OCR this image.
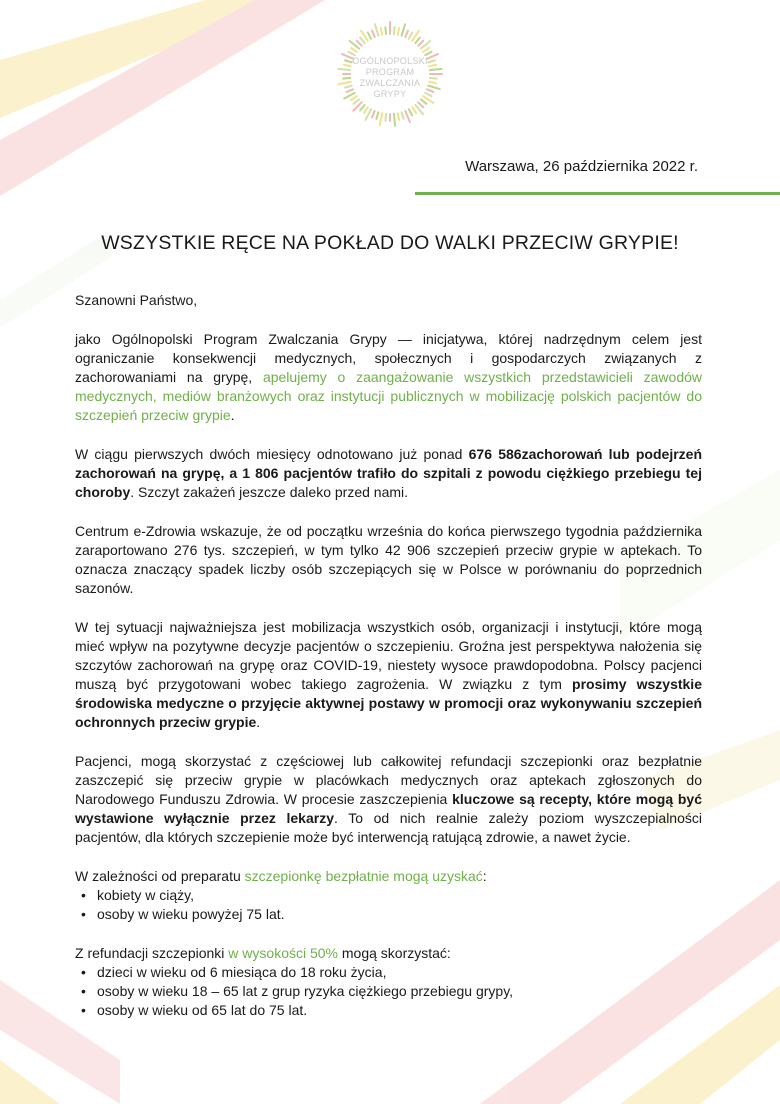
OGÓLNOPOLSKI
PROGRAM
ZWALCZANIA
GRYPY
Warszawa, 26 października 2022 r.
WSZYSTKIE RĘCE NA POKŁAD DO WALKI PRZECIW GRYPIE!

Szanowni Państwo,

jako Ogólnopolski Program Zwalczania Grypy — inicjatywa, której nadrzędnym celem jest ograniczanie konsekwencji medycznych, społecznych i gospodarczych związanych z zachorowaniami na grypę, apelujemy o zaangażowanie wszystkich przedstawicieli zawodów medycznych, mediów branżowych oraz instytucji publicznych w mobilizację polskich pacjentów do szczepień przeciw grypie.

W ciągu pierwszych dwóch miesięcy odnotowano już ponad 676 586zachorowań lub podejrzeń zachorowań na grypę, a 1 806 pacjentów trafiło do szpitali z powodu ciężkiego przebiegu tej choroby. Szczyt zakażeń jeszcze daleko przed nami.

Centrum e-Zdrowia wskazuje, że od początku września do końca pierwszego tygodnia października zaraportowano 276 tys. szczepień, w tym tylko 42 906 szczepień przeciw grypie w aptekach. To oznacza znaczący spadek liczby osób szczepiących się w Polsce w porównaniu do poprzednich sazonów.

W tej sytuacji najważniejsza jest mobilizacja wszystkich osób, organizacji i instytucji, które mogą mieć wpływ na pozytywne decyzje pacjentów o szczepieniu. Groźna jest perspektywa nałożenia się szczytów zachorowań na grypę oraz COVID-19, niestety wysoce prawdopodobna. Polscy pacjenci muszą być przygotowani wobec takiego zagrożenia. W związku z tym prosimy wszystkie środowiska medyczne o przyjęcie aktywnej postawy w promocji oraz wykonywaniu szczepień ochronnych przeciw grypie.

Pacjenci, mogą skorzystać z częściowej lub całkowitej refundacji szczepionki oraz bezpłatnie zaszczepić się przeciw grypie w placówkach medycznych oraz aptekach zgłoszonych do Narodowego Funduszu Zdrowia. W procesie zaszczepienia kluczowe są recepty, które mogą być wystawione wyłącznie przez lekarzy. To od nich realnie zależy poziom wyszczepialności pacjentów, dla których szczepienie może być interwencją ratującą zdrowie, a nawet życie.

W zależności od preparatu szczepionkę bezpłatnie mogą uzyskać:

• kobiety w ciąży,
• osoby w wieku powyżej 75 lat.

Z refundacji szczepionki w wysokości 50% mogą skorzystać:

• dzieci w wieku od 6 miesiąca do 18 roku życia,
• osoby w wieku 18 – 65 lat z grup ryzyka ciężkiego przebiegu grypy,
• osoby w wieku od 65 lat do 75 lat.
